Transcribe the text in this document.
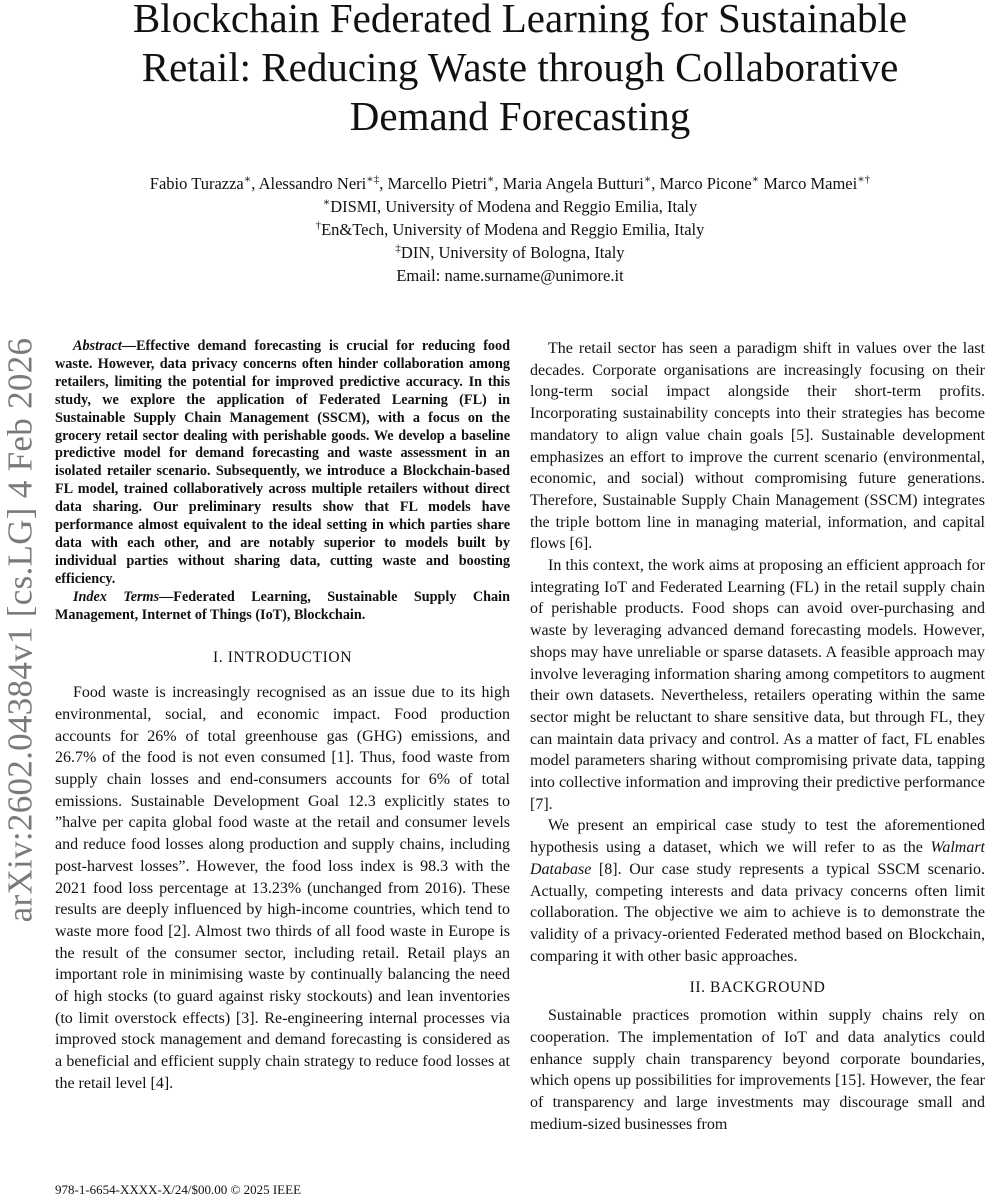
Blockchain Federated Learning for Sustainable
Retail: Reducing Waste through Collaborative
Demand Forecasting
Fabio Turazza∗, Alessandro Neri∗‡, Marcello Pietri∗, Maria Angela Butturi∗, Marco Picone∗ Marco Mamei∗†
∗DISMI, University of Modena and Reggio Emilia, Italy
†En&Tech, University of Modena and Reggio Emilia, Italy
‡DIN, University of Bologna, Italy
Email: name.surname@unimore.it
arXiv:2602.04384v1 [cs.LG] 4 Feb 2026	Abstract—Effective demand forecasting is crucial for reducing food waste. However, data privacy concerns often hinder collaboration among retailers, limiting the potential for improved predictive accuracy. In this study, we explore the application of Federated Learning (FL) in Sustainable Supply Chain Management (SSCM), with a focus on the grocery retail sector dealing with perishable goods. We develop a baseline predictive model for demand forecasting and waste assessment in an isolated retailer scenario. Subsequently, we introduce a Blockchain-based FL model, trained collaboratively across multiple retailers without direct data sharing. Our preliminary results show that FL models have performance almost equivalent to the ideal setting in which parties share data with each other, and are notably superior to models built by individual parties without sharing data, cutting waste and boosting efficiency.

Index Terms—Federated Learning, Sustainable Supply Chain Management, Internet of Things (IoT), Blockchain.

I. INTRODUCTION

Food waste is increasingly recognised as an issue due to its high environmental, social, and economic impact. Food production accounts for 26% of total greenhouse gas (GHG) emissions, and 26.7% of the food is not even consumed [1]. Thus, food waste from supply chain losses and end-consumers accounts for 6% of total emissions. Sustainable Development Goal 12.3 explicitly states to ”halve per capita global food waste at the retail and consumer levels and reduce food losses along production and supply chains, including post-harvest losses”. However, the food loss index is 98.3 with the 2021 food loss percentage at 13.23% (unchanged from 2016). These results are deeply influenced by high-income countries, which tend to waste more food [2]. Almost two thirds of all food waste in Europe is the result of the consumer sector, including retail. Retail plays an important role in minimising waste by continually balancing the need of high stocks (to guard against risky stockouts) and lean inventories (to limit overstock effects) [3]. Re-engineering internal processes via improved stock management and demand forecasting is considered as a beneficial and efficient supply chain strategy to reduce food losses at the retail level [4].

The retail sector has seen a paradigm shift in values over the last decades. Corporate organisations are increasingly focusing on their long-term social impact alongside their short-term profits. Incorporating sustainability concepts into their strategies has become mandatory to align value chain goals [5]. Sustainable development emphasizes an effort to improve the current scenario (environmental, economic, and social) without compromising future generations. Therefore, Sustainable Supply Chain Management (SSCM) integrates the triple bottom line in managing material, information, and capital flows [6].

In this context, the work aims at proposing an efficient approach for integrating IoT and Federated Learning (FL) in the retail supply chain of perishable products. Food shops can avoid over-purchasing and waste by leveraging advanced demand forecasting models. However, shops may have unreliable or sparse datasets. A feasible approach may involve leveraging information sharing among competitors to augment their own datasets. Nevertheless, retailers operating within the same sector might be reluctant to share sensitive data, but through FL, they can maintain data privacy and control. As a matter of fact, FL enables model parameters sharing without compromising private data, tapping into collective information and improving their predictive performance [7].

We present an empirical case study to test the aforementioned hypothesis using a dataset, which we will refer to as the Walmart Database [8]. Our case study represents a typical SSCM scenario. Actually, competing interests and data privacy concerns often limit collaboration. The objective we aim to achieve is to demonstrate the validity of a privacy-oriented Federated method based on Blockchain, comparing it with other basic approaches.

II. BACKGROUND

Sustainable practices promotion within supply chains rely on cooperation. The implementation of IoT and data analytics could enhance supply chain transparency beyond corporate boundaries, which opens up possibilities for improvements [15]. However, the fear of transparency and large investments may discourage small and medium-sized businesses from

978-1-6654-XXXX-X/24/$00.00 © 2025 IEEE
